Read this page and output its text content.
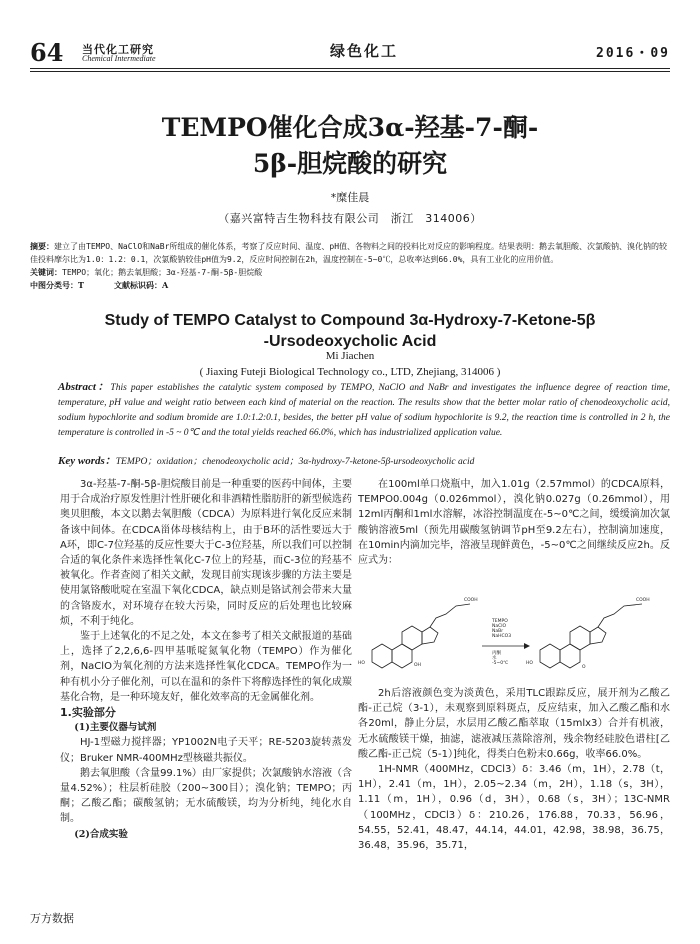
64 当代化工研究
Chemical Intermediate	绿色化工	2016・09
TEMPO催化合成3α-羟基-7-酮-
5β-胆烷酸的研究
*糜佳晨
（嘉兴富特吉生物科技有限公司　浙江　314006）
摘要：建立了由TEMPO、NaClO和NaBr所组成的催化体系，考察了反应时间、温度、pH值、各物料之间的投料比对反应的影响程度。结果表明：鹅去氧胆酸、次氯酸钠、溴化钠的较佳投料摩尔比为1.0：1.2：0.1，次氯酸钠较佳pH值为9.2，反应时间控制在2h，温度控制在-5~0℃，总收率达到66.0%，具有工业化的应用价值。
关键词：TEMPO；氧化；鹅去氧胆酸；3α-羟基-7-酮-5β-胆烷酸
中图分类号：T	文献标识码：A
Study of TEMPO Catalyst to Compound 3α-Hydroxy-7-Ketone-5β
-Ursodeoxycholic Acid
Mi Jiachen
( Jiaxing Futeji Biological Technology co., LTD, Zhejiang, 314006 )
Abstract：This paper establishes the catalytic system composed by TEMPO, NaClO and NaBr and investigates the influence degree of reaction time, temperature, pH value and weight ratio between each kind of material on the reaction. The results show that the better molar ratio of chenodeoxycholic acid, sodium hypochlorite and sodium bromide are 1.0:1.2:0.1, besides, the better pH value of sodium hypochlorite is 9.2, the reaction time is controlled in 2 h, the temperature is controlled in -5 ~ 0℃ and the total yields reached 66.0%, which has industrialized application value.
Key words：TEMPO；oxidation；chenodeoxycholic acid；3α-hydroxy-7-ketone-5β-ursodeoxycholic acid

3α-羟基-7-酮-5β-胆烷酸目前是一种重要的医药中间体，主要用于合成治疗原发性胆汁性肝硬化和非酒精性脂肪肝的新型候选药奥贝胆酸，本文以鹅去氧胆酸（CDCA）为原料进行氧化反应来制备该中间体。在CDCA甾体母核结构上，由于B环的活性要远大于A环，即C-7位羟基的反应性要大于C-3位羟基，所以我们可以控制合适的氧化条件来选择性氧化C-7位上的羟基，而C-3位的羟基不被氧化。作者查阅了相关文献，发现目前实现该步骤的方法主要是使用氯铬酸吡啶在室温下氧化CDCA，缺点则是铬试剂会带来大量的含铬废水，对环境存在较大污染，同时反应的后处理也比较麻烦，不利于纯化。

鉴于上述氧化的不足之处，本文在参考了相关文献报道的基础上，选择了2,2,6,6-四甲基哌啶氮氧化物（TEMPO）作为催化剂，NaClO为氧化剂的方法来选择性氧化CDCA。TEMPO作为一种有机小分子催化剂，可以在温和的条件下将醇选择性的氧化成羰基化合物，是一种环境友好，催化效率高的无金属催化剂。

1.实验部分

(1)主要仪器与试剂

HJ-1型磁力搅拌器；YP1002N电子天平；RE-5203旋转蒸发仪；Bruker NMR-400MHz型核磁共振仪。

鹅去氧胆酸（含量99.1%）由厂家提供；次氯酸钠水溶液（含量4.52%）；柱层析硅胶（200~300目）；溴化钠；TEMPO；丙酮；乙酸乙酯；碳酸氢钠；无水硫酸镁，均为分析纯，纯化水自制。

(2)合成实验

在100ml单口烧瓶中，加入1.01g（2.57mmol）的CDCA原料，TEMPO0.004g（0.026mmol），溴化钠0.027g（0.26mmol），用12ml丙酮和1ml水溶解，冰浴控制温度在-5~0℃之间，缓缓滴加次氯酸钠溶液5ml（预先用碳酸氢钠调节pH至9.2左右），控制滴加速度，在10min内滴加完毕，溶液呈现鲜黄色，-5~0℃之间继续反应2h。反应式为：

TEMPO
NaClO
NaBr
NaHCO3
丙酮
水
-5~0℃
COOH	COOH
HO	OH	HO
O

2h后溶液颜色变为淡黄色，采用TLC跟踪反应，展开剂为乙酸乙酯-正己烷（3-1），未观察到原料斑点，反应结束，加入乙酸乙酯和水各20ml，静止分层，水层用乙酸乙酯萃取（15mlx3）合并有机液，无水硫酸镁干燥，抽滤，滤液减压蒸除溶剂，残余物经硅胶色谱柱[乙酸乙酯-正己烷（5-1）]纯化，得类白色粉末0.66g，收率66.0%。

1H-NMR（400MHz，CDCl3）δ：3.46（m，1H），2.78（t，1H），2.41（m，1H），2.05~2.34（m，2H），1.18（s，3H），1.11（m，1H），0.96（d，3H），0.68（s，3H）；13C-NMR（100MHz，CDCl3）δ：210.26，176.88，70.33，56.96，54.55，52.41，48.47，44.14，44.01，42.98，38.98，36.75，36.48，35.96，35.71，

万方数据
